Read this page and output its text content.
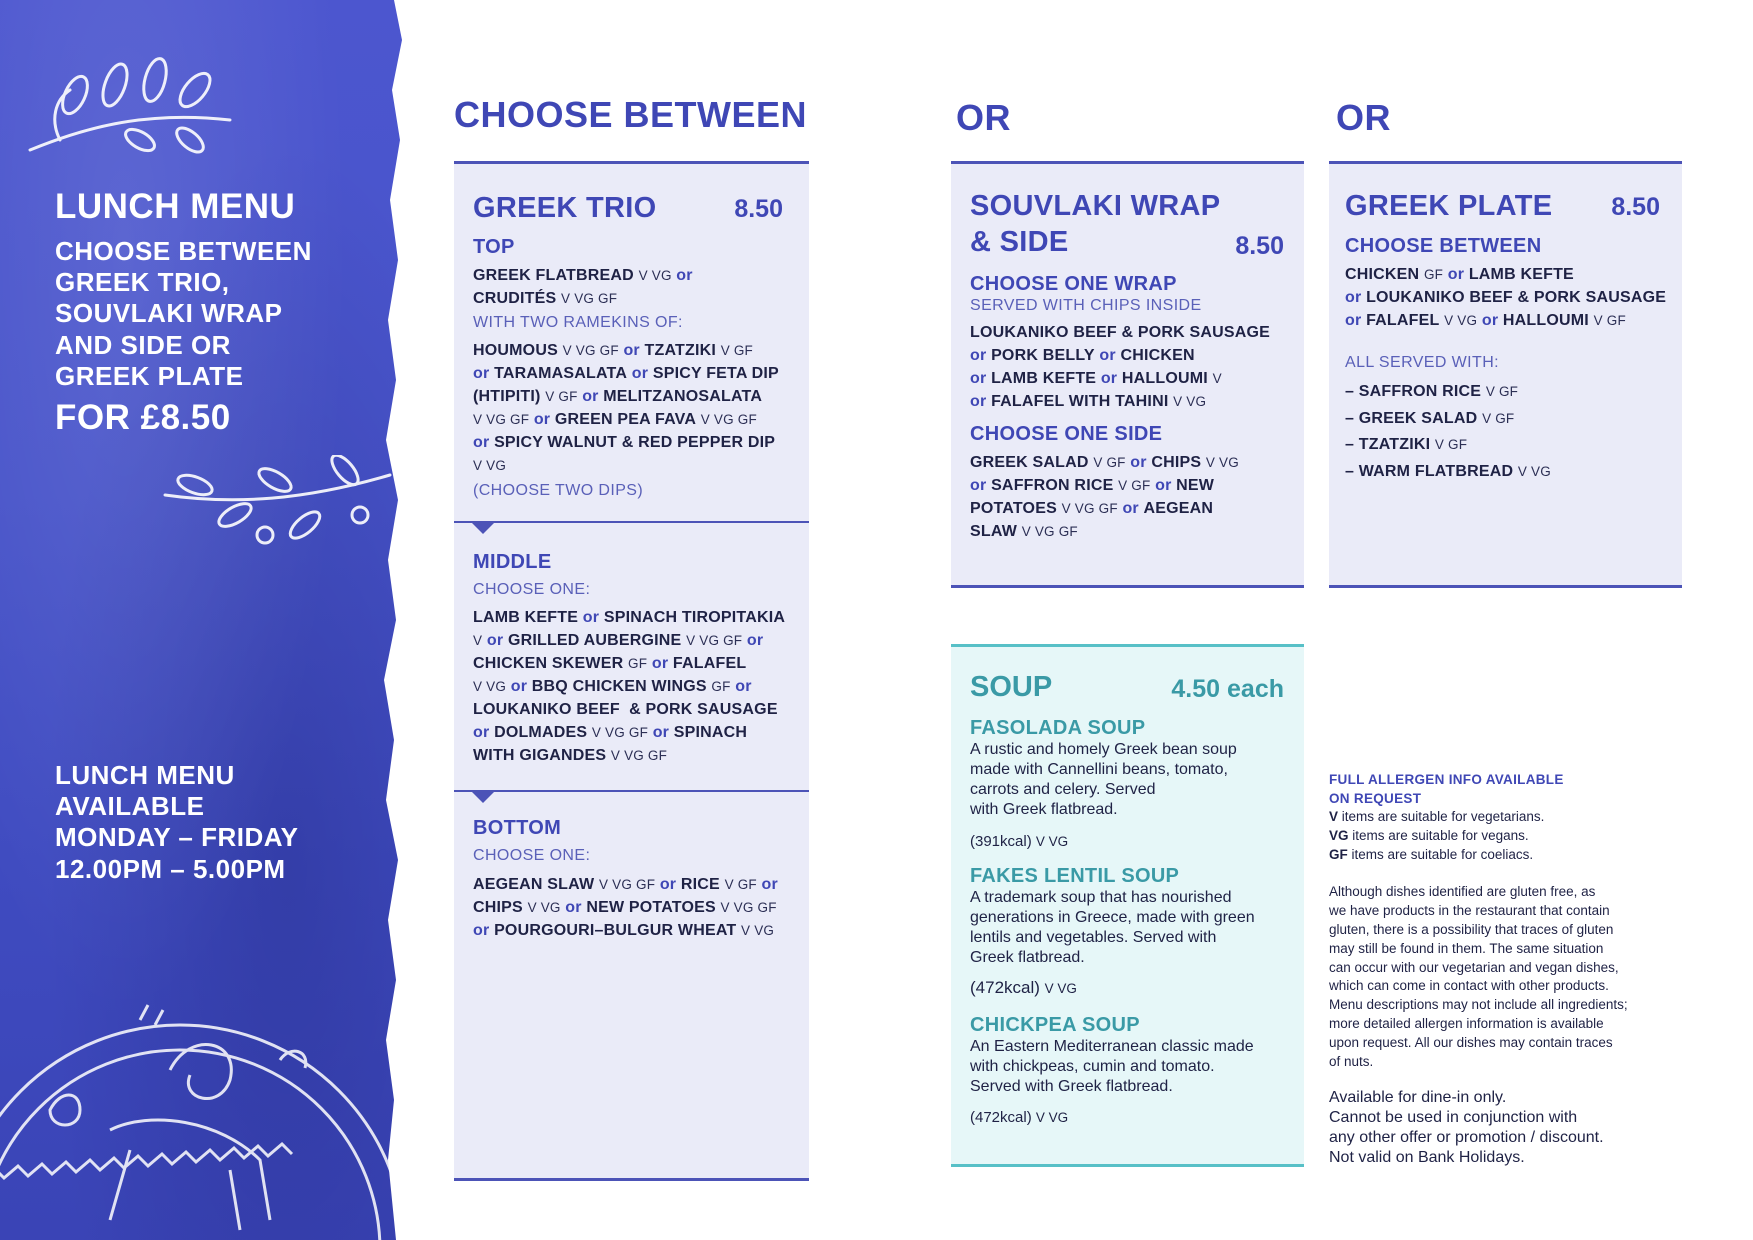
LUNCH MENU
CHOOSE BETWEEN
GREEK TRIO,
SOUVLAKI WRAP
AND SIDE OR
GREEK PLATE
FOR £8.50
LUNCH MENU
AVAILABLE
MONDAY – FRIDAY
12.00PM – 5.00PM
CHOOSE BETWEEN	OR	OR
GREEK TRIO	8.50
TOP
GREEK FLATBREAD V VG or
CRUDITÉS V VG GF
WITH TWO RAMEKINS OF:
HOUMOUS V VG GF or TZATZIKI V GF
or TARAMASALATA or SPICY FETA DIP
(HTIPITI) V GF or MELITZANOSALATA
V VG GF or GREEN PEA FAVA V VG GF
or SPICY WALNUT & RED PEPPER DIP
V VG
(CHOOSE TWO DIPS)
MIDDLE
CHOOSE ONE:
LAMB KEFTE or SPINACH TIROPITAKIA
V or GRILLED AUBERGINE V VG GF or
CHICKEN SKEWER GF or FALAFEL
V VG or BBQ CHICKEN WINGS GF or
LOUKANIKO BEEF  & PORK SAUSAGE
or DOLMADES V VG GF or SPINACH
WITH GIGANDES V VG GF
BOTTOM
CHOOSE ONE:
AEGEAN SLAW V VG GF or RICE V GF or
CHIPS V VG or NEW POTATOES V VG GF
or POURGOURI–BULGUR WHEAT V VG
SOUVLAKI WRAP
& SIDE	8.50
CHOOSE ONE WRAP
SERVED WITH CHIPS INSIDE
LOUKANIKO BEEF & PORK SAUSAGE
or PORK BELLY or CHICKEN
or LAMB KEFTE or HALLOUMI V
or FALAFEL WITH TAHINI V VG
CHOOSE ONE SIDE
GREEK SALAD V GF or CHIPS V VG
or SAFFRON RICE V GF or NEW
POTATOES V VG GF or AEGEAN
SLAW V VG GF
GREEK PLATE 8.50
CHOOSE BETWEEN
CHICKEN GF or LAMB KEFTE
or LOUKANIKO BEEF & PORK SAUSAGE
or FALAFEL V VG or HALLOUMI V GF
ALL SERVED WITH:
– SAFFRON RICE V GF
– GREEK SALAD V GF
– TZATZIKI V GF
– WARM FLATBREAD V VG
SOUP	4.50 each
FASOLADA SOUP
A rustic and homely Greek bean soup
made with Cannellini beans, tomato,
carrots and celery. Served
with Greek flatbread.
(391kcal) V VG
FAKES LENTIL SOUP
A trademark soup that has nourished
generations in Greece, made with green
lentils and vegetables. Served with
Greek flatbread.
(472kcal) V VG
CHICKPEA SOUP
An Eastern Mediterranean classic made
with chickpeas, cumin and tomato.
Served with Greek flatbread.
(472kcal) V VG
FULL ALLERGEN INFO AVAILABLE
ON REQUEST
V items are suitable for vegetarians.
VG items are suitable for vegans.
GF items are suitable for coeliacs.
Although dishes identified are gluten free, as
we have products in the restaurant that contain
gluten, there is a possibility that traces of gluten
may still be found in them. The same situation
can occur with our vegetarian and vegan dishes,
which can come in contact with other products.
Menu descriptions may not include all ingredients;
more detailed allergen information is available
upon request. All our dishes may contain traces
of nuts.
Available for dine-in only.
Cannot be used in conjunction with
any other offer or promotion / discount.
Not valid on Bank Holidays.
